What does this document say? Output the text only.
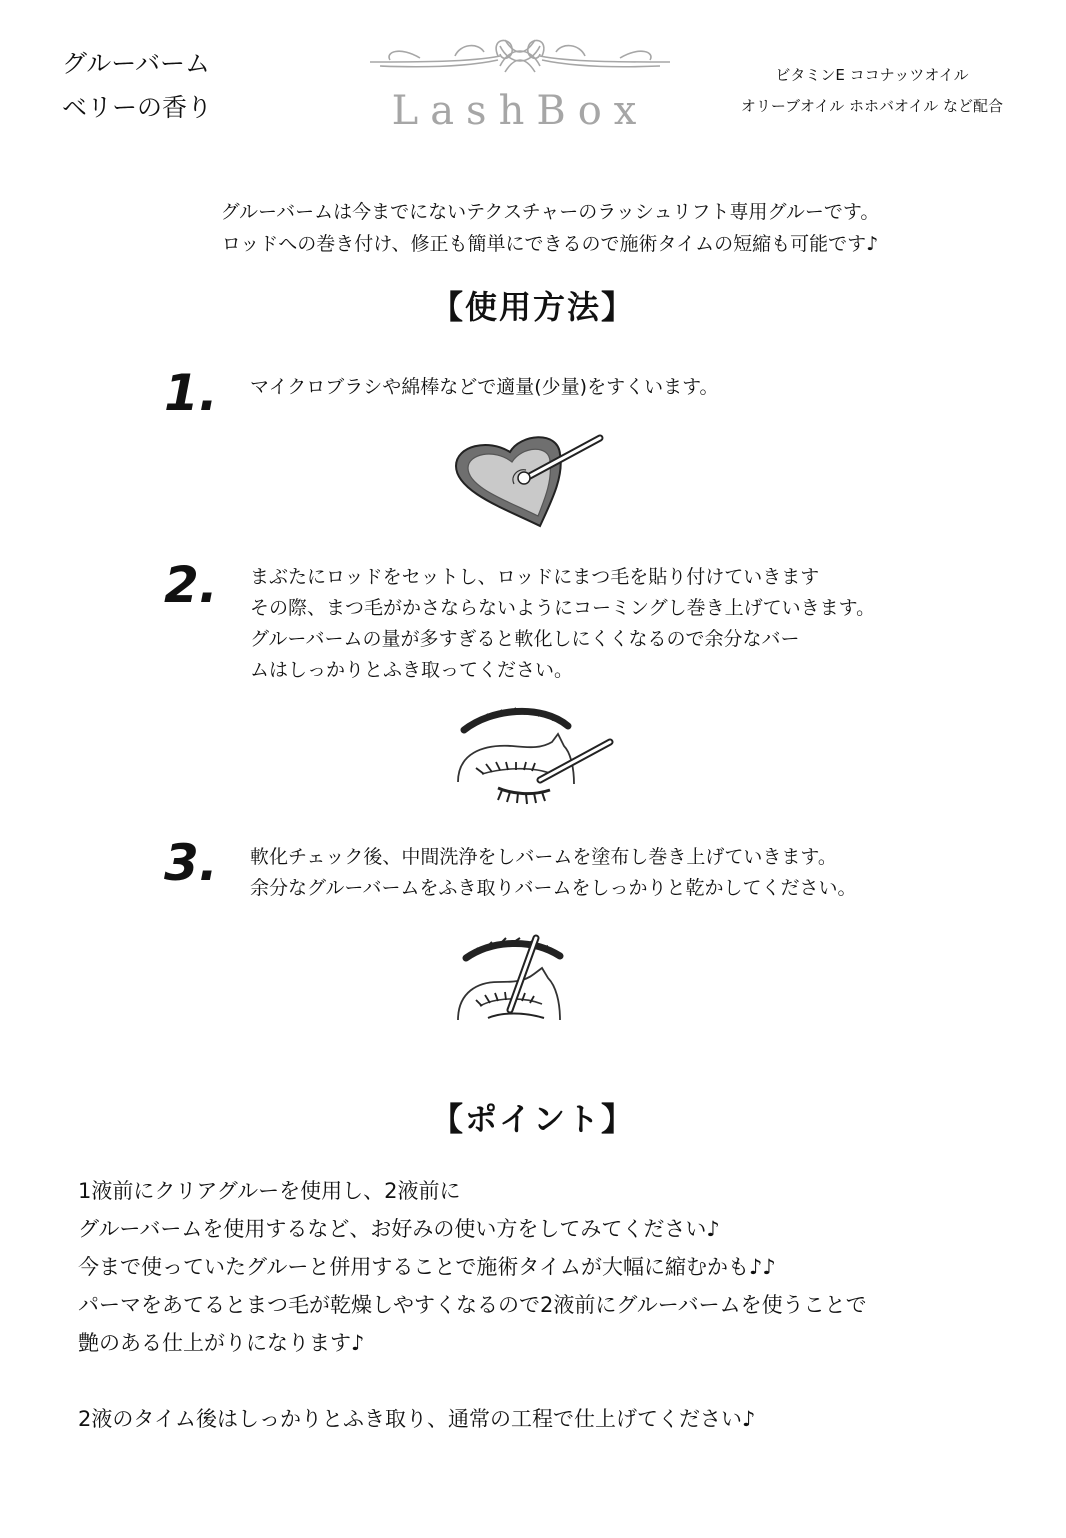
グルーバーム
ベリーの香り	LashBox
ビタミンE ココナッツオイル
オリーブオイル ホホバオイル など配合
グルーバームは今までにないテクスチャーのラッシュリフト専用グルーです。
ロッドへの巻き付け、修正も簡単にできるので施術タイムの短縮も可能です♪
【使用方法】
1. マイクロブラシや綿棒などで適量(少量)をすくいます。
2. まぶたにロッドをセットし、ロッドにまつ毛を貼り付けていきます
その際、まつ毛がかさならないようにコーミングし巻き上げていきます。
グルーバームの量が多すぎると軟化しにくくなるので余分なバー
ムはしっかりとふき取ってください。
3. 軟化チェック後、中間洗浄をしバームを塗布し巻き上げていきます。
余分なグルーバームをふき取りバームをしっかりと乾かしてください。
【ポイント】

1液前にクリアグルーを使用し、2液前に

グルーバームを使用するなど、お好みの使い方をしてみてください♪

今まで使っていたグルーと併用することで施術タイムが大幅に縮むかも♪♪

パーマをあてるとまつ毛が乾燥しやすくなるので2液前にグルーバームを使うことで

艶のある仕上がりになります♪

2液のタイム後はしっかりとふき取り、通常の工程で仕上げてください♪
